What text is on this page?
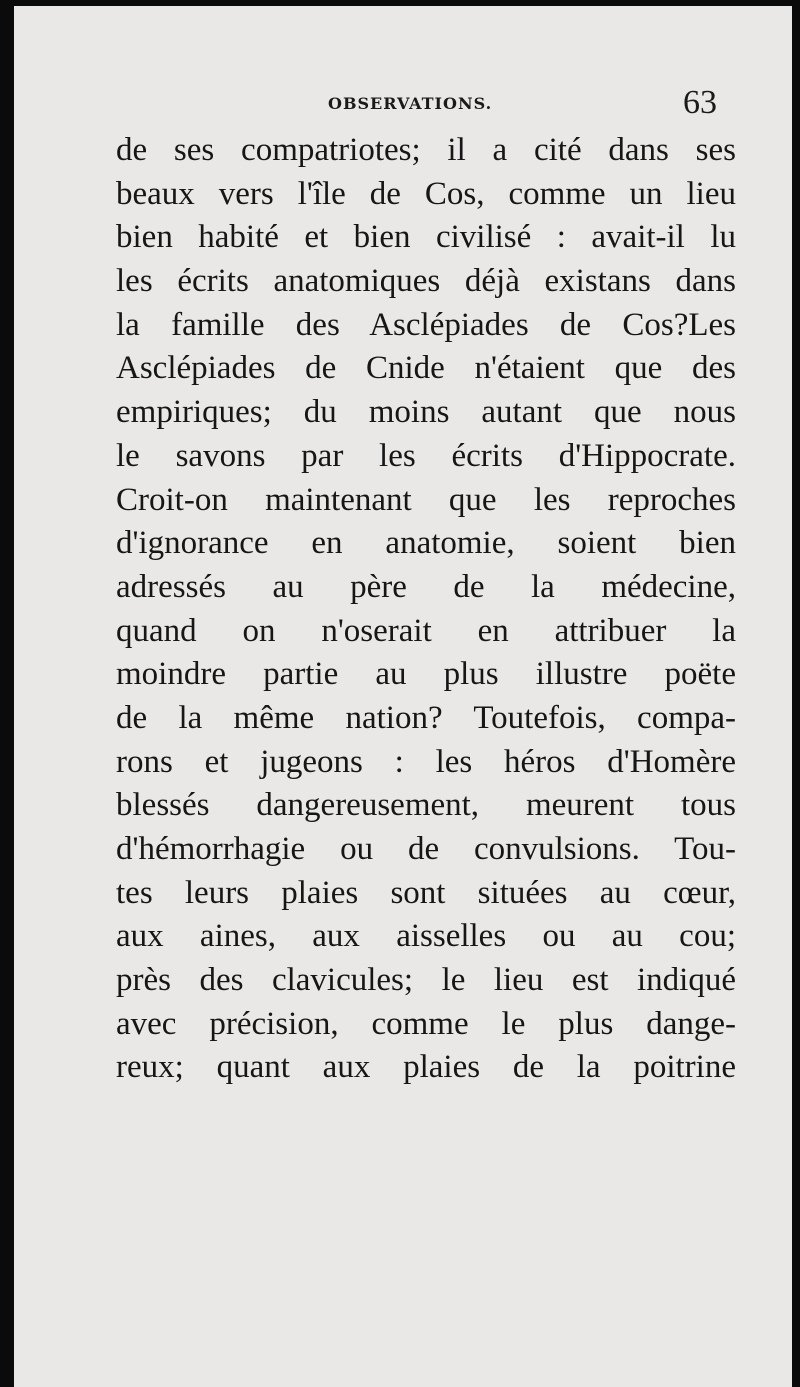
OBSERVATIONS.	63
de ses compatriotes; il a cité dans ses
beaux vers l'île de Cos, comme un lieu
bien habité et bien civilisé : avait-il lu
les écrits anatomiques déjà existans dans
la famille des Asclépiades de Cos?Les
Asclépiades de Cnide n'étaient que des
empiriques; du moins autant que nous
le savons par les écrits d'Hippocrate.
Croit-on maintenant que les reproches
d'ignorance en anatomie, soient bien
adressés au père de la médecine,
quand on n'oserait en attribuer la
moindre partie au plus illustre poëte
de la même nation? Toutefois, compa-
rons et jugeons : les héros d'Homère
blessés dangereusement, meurent tous
d'hémorrhagie ou de convulsions. Tou-
tes leurs plaies sont situées au cœur,
aux aines, aux aisselles ou au cou;
près des clavicules; le lieu est indiqué
avec précision, comme le plus dange-
reux; quant aux plaies de la poitrine
